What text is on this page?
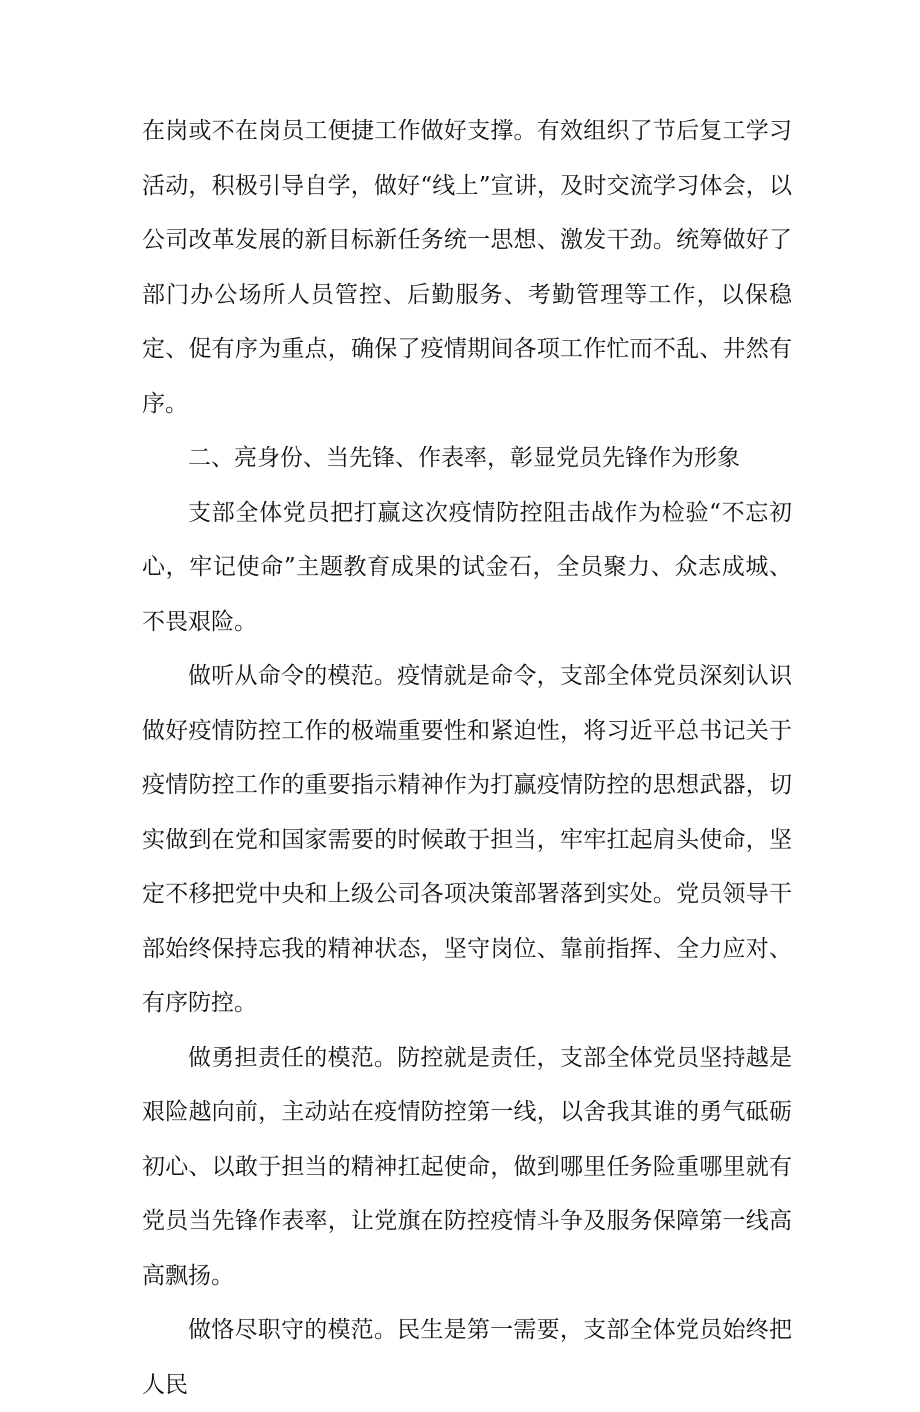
在岗或不在岗员工便捷工作做好支撑。有效组织了节后复工学习活动，积极引导自学，做好“线上”宣讲，及时交流学习体会，以公司改革发展的新目标新任务统一思想、激发干劲。统筹做好了部门办公场所人员管控、后勤服务、考勤管理等工作，以保稳定、促有序为重点，确保了疫情期间各项工作忙而不乱、井然有序。

二、亮身份、当先锋、作表率，彰显党员先锋作为形象

支部全体党员把打赢这次疫情防控阻击战作为检验“不忘初心，牢记使命”主题教育成果的试金石，全员聚力、众志成城、不畏艰险。

做听从命令的模范。疫情就是命令，支部全体党员深刻认识做好疫情防控工作的极端重要性和紧迫性，将习近平总书记关于疫情防控工作的重要指示精神作为打赢疫情防控的思想武器，切实做到在党和国家需要的时候敢于担当，牢牢扛起肩头使命，坚定不移把党中央和上级公司各项决策部署落到实处。党员领导干部始终保持忘我的精神状态，坚守岗位、靠前指挥、全力应对、有序防控。

做勇担责任的模范。防控就是责任，支部全体党员坚持越是艰险越向前，主动站在疫情防控第一线，以舍我其谁的勇气砥砺初心、以敢于担当的精神扛起使命，做到哪里任务险重哪里就有党员当先锋作表率，让党旗在防控疫情斗争及服务保障第一线高高飘扬。

做恪尽职守的模范。民生是第一需要，支部全体党员始终把人民
